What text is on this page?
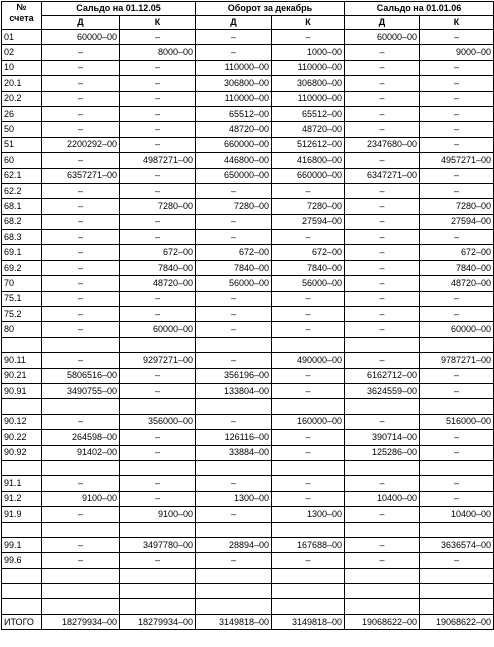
№
счета	Сальдо на 01.12.05		Оборот за декабрь		Сальдо на 01.01.06	
	Д	К	Д	К	Д	К
01	60000–00	–	–	–	60000–00	–
02	–	8000–00	–	1000–00	–	9000–00
10	–	–	110000–00	110000–00	–	–
20.1	–	–	306800–00	306800–00	–	–
20.2	–	–	110000–00	110000–00	–	–
26	–	–	65512–00	65512–00	–	–
50	–	–	48720–00	48720–00	–	–
51	2200292–00	–	660000–00	512612–00	2347680–00	–
60	–	4987271–00	446800–00	416800–00	–	4957271–00
62.1	6357271–00	–	650000–00	660000–00	6347271–00	–
62.2	–	–	–	–	–	–
68.1	–	7280–00	7280–00	7280–00	–	7280–00
68.2	–	–	–	27594–00	–	27594–00
68.3	–	–	–	–	–	–
69.1	–	672–00	672–00	672–00	–	672–00
69.2	–	7840–00	7840–00	7840–00	–	7840–00
70	–	48720–00	56000–00	56000–00	–	48720–00
75.1	–	–	–	–	–	–
75.2	–	–	–	–	–	–
80	–	60000–00	–	–	–	60000–00

90.11	–	9297271–00	–	490000–00	–	9787271–00
90.21	5806516–00	–	356196–00	–	6162712–00	–
90.91	3490755–00	–	133804–00	–	3624559–00	–

90.12	–	356000–00	–	160000–00	–	516000–00
90.22	264598–00	–	126116–00	–	390714–00	–
90.92	91402–00	–	33884–00	–	125286–00	–

91.1	–	–	–	–	–	–
91.2	9100–00	–	1300–00	–	10400–00	–
91.9	–	9100–00	–	1300–00	–	10400–00

99.1	–	3497780–00	28894–00	167688–00	–	3636574–00
99.6	–	–	–	–	–	–

ИТОГО	18279934–00	18279934–00	3149818–00	3149818–00	19068622–00	19068622–00
